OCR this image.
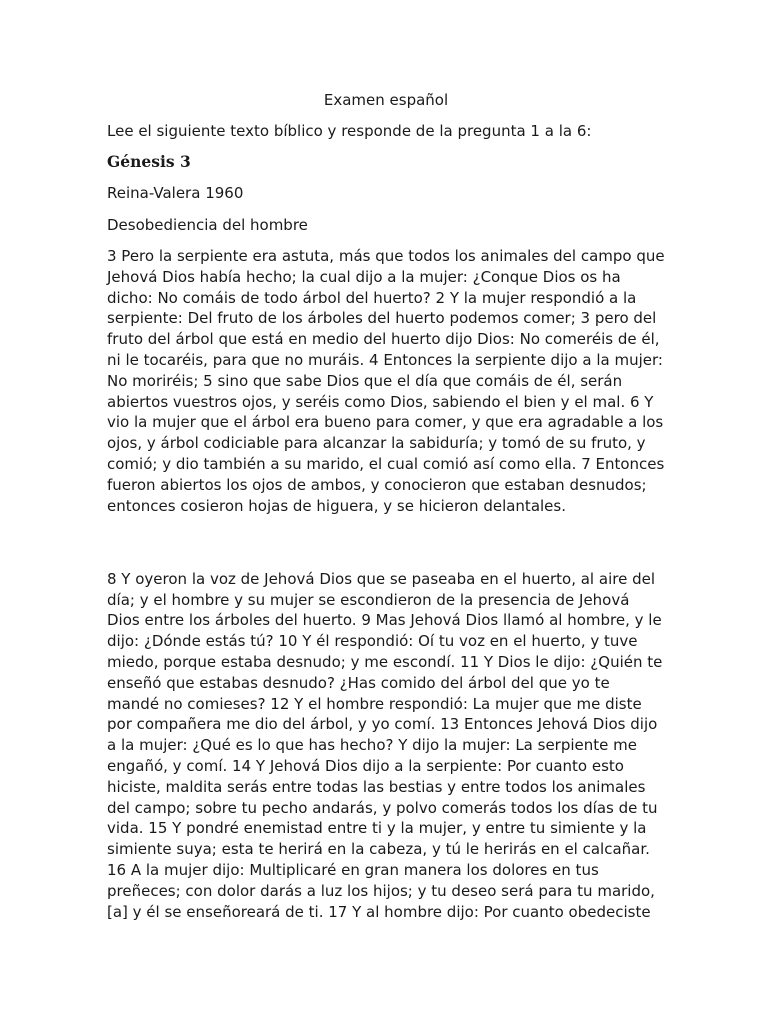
Examen español

Lee el siguiente texto bíblico y responde de la pregunta 1 a la 6:

Génesis 3

Reina-Valera 1960

Desobediencia del hombre

3 Pero la serpiente era astuta, más que todos los animales del campo que Jehová Dios había hecho; la cual dijo a la mujer: ¿Conque Dios os ha dicho: No comáis de todo árbol del huerto? 2 Y la mujer respondió a la serpiente: Del fruto de los árboles del huerto podemos comer; 3 pero del fruto del árbol que está en medio del huerto dijo Dios: No comeréis de él, ni le tocaréis, para que no muráis. 4 Entonces la serpiente dijo a la mujer: No moriréis; 5 sino que sabe Dios que el día que comáis de él, serán abiertos vuestros ojos, y seréis como Dios, sabiendo el bien y el mal. 6 Y vio la mujer que el árbol era bueno para comer, y que era agradable a los ojos, y árbol codiciable para alcanzar la sabiduría; y tomó de su fruto, y comió; y dio también a su marido, el cual comió así como ella. 7 Entonces fueron abiertos los ojos de ambos, y conocieron que estaban desnudos; entonces cosieron hojas de higuera, y se hicieron delantales.

8 Y oyeron la voz de Jehová Dios que se paseaba en el huerto, al aire del día; y el hombre y su mujer se escondieron de la presencia de Jehová Dios entre los árboles del huerto. 9 Mas Jehová Dios llamó al hombre, y le dijo: ¿Dónde estás tú? 10 Y él respondió: Oí tu voz en el huerto, y tuve miedo, porque estaba desnudo; y me escondí. 11 Y Dios le dijo: ¿Quién te enseñó que estabas desnudo? ¿Has comido del árbol del que yo te mandé no comieses? 12 Y el hombre respondió: La mujer que me diste por compañera me dio del árbol, y yo comí. 13 Entonces Jehová Dios dijo a la mujer: ¿Qué es lo que has hecho? Y dijo la mujer: La serpiente me engañó, y comí. 14 Y Jehová Dios dijo a la serpiente: Por cuanto esto hiciste, maldita serás entre todas las bestias y entre todos los animales del campo; sobre tu pecho andarás, y polvo comerás todos los días de tu vida. 15 Y pondré enemistad entre ti y la mujer, y entre tu simiente y la simiente suya; esta te herirá en la cabeza, y tú le herirás en el calcañar. 16 A la mujer dijo: Multiplicaré en gran manera los dolores en tus preñeces; con dolor darás a luz los hijos; y tu deseo será para tu marido, [a] y él se enseñoreará de ti. 17 Y al hombre dijo: Por cuanto obedeciste
